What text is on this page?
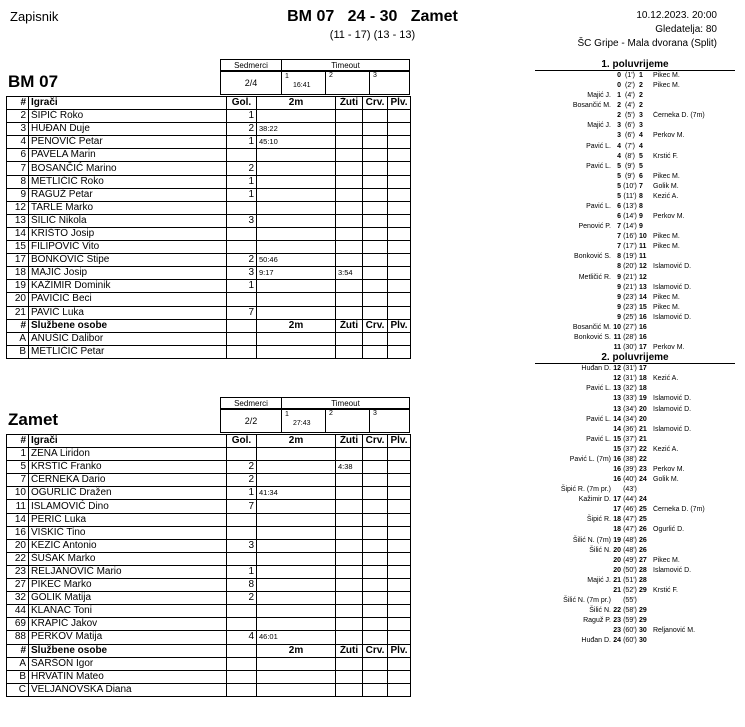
Zapisnik	BM 07   24 - 30   Zamet
(11 - 17) (13 - 13)
10.12.2023. 20:00
Gledatelja: 80
ŠC Gripe - Mala dvorana (Split)
Sedmerci	Timeout
BM 07	2/4	1
16:41	2	3
#	Igrači	Gol.	2m	Žuti	Crv.	Plv.
2	ŠIPIĆ Roko	1				
3	HUĐAN Duje	2	38:22			
4	PENOVIĆ Petar	1	45:10			
6	PAVELA Marin					
7	BOSANČIĆ Marino	2				
8	METLIČIĆ Roko	1				
9	RAGUŽ Petar	1				
12	TARLE Marko					
13	ŠILIĆ Nikola	3				
14	KRIŠTO Josip					
15	FILIPOVIĆ Vito					
17	BONKOVIĆ Stipe	2	50:46			
18	MAJIĆ Josip	3	9:17	3:54		
19	KAŽIMIR Dominik	1				
20	PAVIČIĆ Beci					
21	PAVIĆ Luka	7				
#	Službene osobe		2m	Žuti	Crv.	Plv.
A	ANUŠIĆ Dalibor					
B	METLIČIĆ Petar					
Sedmerci	Timeout
Zamet	2/2	1
27:43	2	3
#	Igrači	Gol.	2m	Žuti	Crv.	Plv.
1	ZENA Liridon					
5	KRSTIĆ Franko	2		4:38		
7	ČERNEKA Dario	2				
10	OGURLIĆ Dražen	1	41:34			
11	ISLAMOVIĆ Dino	7				
14	PERIĆ Luka					
16	VISKIĆ Tino					
20	KEZIĆ Antonio	3				
22	ŠUŠAK Marko					
23	RELJANOVIĆ Mario	1				
27	PIKEC Marko	8				
32	GOLIK Matija	2				
44	KLANAC Toni					
69	KRAPIĆ Jakov					
88	PERKOV Matija	4	46:01			
#	Službene osobe		2m	Žuti	Crv.	Plv.
A	SARŠON Igor					
B	HRVATIN Mateo					
C	VELJANOVSKA Diana					
1. poluvrijeme
0 (1') 1	Pikec M.
0 (2') 2	Pikec M.
Majić J. 1 (4') 2
Bosančić M. 2 (4') 2
2 (5') 3	Černeka D. (7m)
Majić J. 3 (6') 3
3 (6') 4	Perkov M.
Pavić L. 4 (7') 4
4 (8') 5	Krstić F.
Pavić L. 5 (9') 5
5 (9') 6	Pikec M.
5 (10') 7	Golik M.
5 (11') 8	Kezić A.
Pavić L. 6 (13') 8
6 (14') 9	Perkov M.
Penović P. 7 (14') 9
7 (16') 10 Pikec M.
7 (17') 11 Pikec M.
Bonković S. 8 (19') 11
8 (20') 12 Islamović D.
Metličić R. 9 (21') 12
9 (21') 13 Islamović D.
9 (23') 14 Pikec M.
9 (23') 15 Pikec M.
9 (25') 16 Islamović D.
Bosančić M. 10 (27') 16
Bonković S. 11 (28') 16
11 (30') 17 Perkov M.
2. poluvrijeme
Huđan D. 12 (31') 17
12 (31') 18 Kezić A.
Pavić L. 13 (32') 18
13 (33') 19 Islamović D.
13 (34') 20 Islamović D.
Pavić L. 14 (34') 20
14 (36') 21 Islamović D.
Pavić L. 15 (37') 21
15 (37') 22 Kezić A.
Pavić L. (7m) 16 (38') 22
16 (39') 23 Perkov M.
16 (40') 24 Golik M.
Šipić R. (7m pr.) (43')
Kažimir D. 17 (44') 24
17 (46') 25 Černeka D. (7m)
Šipić R. 18 (47') 25
18 (47') 26 Ogurlić D.
Šilić N. (7m) 19 (48') 26
Šilić N. 20 (48') 26
20 (49') 27 Pikec M.
20 (50') 28 Islamović D.
Majić J. 21 (51') 28
21 (52') 29 Krstić F.
Šilić N. (7m pr.) (55')
Šilić N. 22 (58') 29
Raguž P. 23 (59') 29
23 (60') 30 Reljanović M.
Huđan D. 24 (60') 30
